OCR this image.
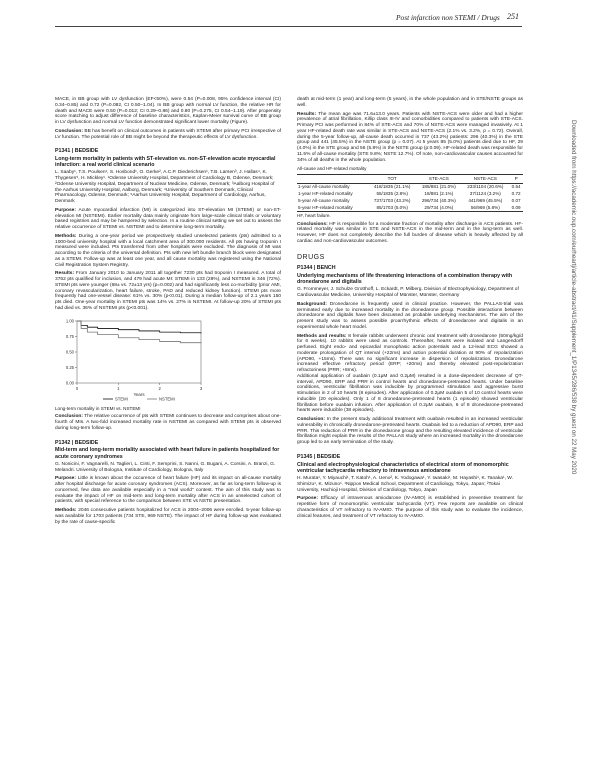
Post infarction non STEMI / Drugs 251
Downloaded from https://academic.oup.com/eurheartj/article-abstract/41/Supplement_1/P1345/286/538 by guest on 22 May 2020

MACE, in BB group with LV dysfunction (EF<50%), were 0.54 (P=0.008, 95% confidence interval (CI) 0.34–0.85) and 0.72 (P=0.082, CI 0.50–1.04). In BB group with normal LV function, the relative HR for death and MACE were 0.50 (P=0.012; CI 0.29–0.86) and 0.80 (P=0.275, CI 0.54–1.19). After propensity score matching to adjust difference of baseline characteristics, Kaplan-Meier survival curve of BB group in LV dysfunction and normal LV function demonstrated significant lower mortality (Figure).

Conclusion: BB has benefit on clinical outcomes in patients with STEMI after primary PCI irrespective of LV function. The potential role of BB might be beyond the therapeutic effects of LV dysfunction.

P1341 | BEDSIDE

Long-term mortality in patients with ST-elevation vs. non-ST-elevation acute myocardial infarction: a real world clinical scenario

L. Saaby¹, T.S. Poulsen¹, S. Hosbond¹, O. Gerke², A.C.P. Diederichsen¹, T.B. Larsen³, J. Hallas⁴, K. Thygesen⁵, H. Mickley¹. ¹Odense University Hospital, Department of Cardiology B, Odense, Denmark; ²Odense University Hospital, Department of Nuclear Medicine, Odense, Denmark; ³Aalborg Hospital of the Aarhus University Hospital, Aalborg, Denmark; ⁴University of Southern Denmark, Clinical Pharmacology, Odense, Denmark; ⁵Aarhus University Hospital, Department of Cardiology, Aarhus, Denmark

Purpose: Acute myocardial infarction (MI) is categorized into ST-elevation MI (STEMI) or non-ST-elevation MI (NSTEMI). Earlier mortality data mainly originate from large-scale clinical trials or voluntary based registries and may be hampered by selection. In a routine clinical setting we set out to assess the relative occurrence of STEMI vs. NSTEMI and to determine long-term mortality.

Methods: During a one-year period we prospectively studied unselected patients (pts) admitted to a 1000-bed university hospital with a local catchment area of 300.000 residents. All pts having troponin I measured were included. Pts transferred from other hospitals were excluded. The diagnosis of MI was according to the criteria of the universal definition. Pts with new left bundle branch block were designated as a STEMI. Follow-up was at least one year, and all cause mortality was registered using the National Civil Registration System Registry.

Results: From January 2010 to January 2011 all together 7230 pts had troponin I measured. A total of 3762 pts qualified for inclusion, and 479 had acute MI: STEMI in 133 (28%), and NSTEMI in 346 (72%). STEMI pts were younger (68± vs. 72±13 yrs) (p=0.002) and had significantly less co-morbidity (prior AMI, coronary revascularization, heart failure, stroke, PAD and reduced kidney function). STEMI pts more frequently had one-vessel disease: 61% vs. 30% (p<0.01). During a median follow-up of 2.1 years 150 pts died. One-year mortality in STEMI pts was 14% vs. 27% in NSTEMI. At follow-up 20% of STEMI pts had died vs. 36% of NSTEMI pts (p<0.001).

0.00
0.25
0.50
0.75
1.00
0	1	2	3
Years
STEMI	NSTEMI

Long-term mortality in STEMI vs. NSTEMI

Conclusion: The relative occurrence of pts with STEMI continues to decrease and comprises about one-fourth of MIs. A two-fold increased mortality rate in NSTEMI as compared with STEMI pts is observed during long-term follow-up.

P1342 | BEDSIDE

Mid-term and long-term mortality associated with heart failure in patients hospitalized for acute coronary syndromes

G. Nonicini, F. Vagnarelli, N. Taglieri, L. Cinti, F. Semprini, S. Nanni, G. Bugani, A. Corsini, A. Branzi, G. Melandri. University of Bologna, Institute of Cardiology, Bologna, Italy

Purpose: Little is known about the occurence of heart failure (HF) and its impact on all-cause mortality after hospital discharge for acute coronary syndromes (ACS). Moreover, as far as long-term follow-up is concerned, few data are available especially in a "real world" contest. The aim of this study was to evaluate the impact of HF on mid-term and long-term mortality after ACS in an unselected cohort of patients, with special reference to the comparison between STE vs NSTE presentation.

Methods: 2046 consecutive patients hospitalized for ACS in 2004–2006 were enrolled. 5-year follow-up was available for 1703 patients (734 STE, 969 NSTE). The impact of HF during follow-up was evaluated by the rate of cause-specific

death at mid-term (1 year) and long-term (5 years), in the whole population and in STE/NSTE groups as well.

Results: The mean age was 71.6±13.0 years. Patients with NSTE-ACS were older and had a higher prevalence of atrial fibrillation, Killip class III-IV and comorbidities compared to patients with STE-ACS. Primary PCI was performed in 84% of STE-ACS and 70% of NSTE-ACS were managed invasively. At 1 year HF-related death rate was similar in STE-ACS and NSTE-ACS (2.1% vs. 3.2%, p = 0.72). Overall, during the 5-year follow-up, all-cause death occurred in 737 (43.2%) patients: 296 (40.3%) in the STE group and 441 (45.5%) in the NSTE group (p = 0.07). At 5 years 85 (5.0%) patients died due to HF, 29 (4.0%) in the STE group and 56 (5.8%) in the NSTE group (p:0.09). HF-related death was responsible for 11.5% of all-cause mortality (STE 9.8%; NSTE 12.7%). Of note, non-cardiovascular causes accounted for 34% of all deaths in the whole population.

All-cause and HF-related mortality

	TOT	STE-ACS	NSTE-ACS	P
1-year All-cause mortality	418/1835 (21.1%)	185/881 (21.0%)	233/1104 (20.6%)	0.54
1-year HF-related mortality	55/1835 (2.8%)	18/881 (2.1%)	37/1124 (3.2%)	0.72
5-year All-cause mortality	737/1703 (43.2%)	296/734 (40.3%)	441/969 (45.5%)	0.07
5-year HF-related mortality	85/1703 (5.0%)	29/734 (4.0%)	56/969 (5.8%)	0.09

HF, heart failure.

Conclusions: HF is responsible for a moderate fraction of mortality after discharge in ACS patients. HF-related mortality was similar in STE and NSTE-ACS in the mid-term and in the long-term as well. However, HF does not completely describe the full burden of disease which is heavily affected by all cardiac and non-cardiovascular outcomes.

DRUGS

P1344 | BENCH

Underlying mechanisms of life threatening interactions of a combination therapy with dronedarone and digitalis

G. Frommeyer, J. Schulze Grotthoff, L. Eckardt, P. Milberg. Division of Electrophysiology, Department of Cardiovascular Medicine, University Hospital of Münster, Münster, Germany

Background: Dronedarone is frequently used in clinical practice. However, the PALLAS-trial was terminated early due to increased mortality in the dronedarone group. Possible interactions between dronedarone and digitalis have been discussed as probable underlying mechanisms. The aim of the present study was to assess possible proarrhythmic effects of dronedarone and digitalis in an experimental whole heart model.

Methods and results: 8 female rabbits underwent chronic oral treatment with dronedarone (50mg/kg/d for 6 weeks). 10 rabbits were used as controls. Thereafter, hearts were isolated and Langendorff perfused. Eight endo- and epicardial monophasic action potentials and a 12-lead ECG showed a moderate prolongation of QT interval (+22ms) and action potential duration at 90% of repolarization (APD90, +15ms). There was no significant increase in dispersion of repolarization. Dronedarone increased effective refractory period (ERP; +20ms) and thereby elevated post-repolarization refractoriness (PRR; +8ms).
Additional application of ouabain (0.1μM and 0.2μM) resulted in a dose-dependent decrease of QT-interval, APD90, ERP and PRR in control hearts and dronedarone-pretreated hearts. Under baseline conditions, ventricular fibrillation was inducible by programmed stimulation and aggressive burst stimulation in 2 of 10 hearts (8 episodes). After application of 0.2μM ouabain 5 of 10 control hearts were inducible (20 episodes). Only 1 of 8 dronedarone-pretreated hearts (1 episode) showed ventricular fibrillation before ouabain infusion. After application of 0.2μM ouabain, 6 of 8 dronedarone-pretreated hearts were inducible (38 episodes).

Conclusion: In the present study additional treatment with ouabain resulted in an increased ventricular vulnerability in chronically dronedarone-pretreated hearts. Ouabain led to a reduction of APD90, ERP and PRR. This reduction of PRR in the dronedarone group and the resulting elevated incidence of ventricular fibrillation might explain the results of the PALLAS study where an increased mortality in the dronedarone group led to an early termination of the study.

P1345 | BEDSIDE

Clinical and electrophysiological characteristics of electrical storm of monomorphic ventricular tachycardia refractory to intravenous amiodarone

H. Murata¹, Y. Miyauchi¹, T. Katoh¹, A. Ueno², K. Yodogawa¹, Y. Iwasaki¹, M. Hayashi¹, K. Tanaka¹, W. Shimizu¹, K. Mizuno¹. ¹Nippon Medical School, Department of Cardiology, Tokyo, Japan; ²Tokai University, Hachioji Hospital, Division of Cardiology, Tokyo, Japan

Purpose: Efficacy of intravenous amiodarone (IV-AMIO) is established in preventive treatment for repetitive form of monomorphic ventricular tachycardia (VT). Few reports are available on clinical characteristics of VT refractory to IV-AMIO. The purpose of this study was to evaluate the incidence, clinical features, and treatment of VT refractory to IV-AMIO.
